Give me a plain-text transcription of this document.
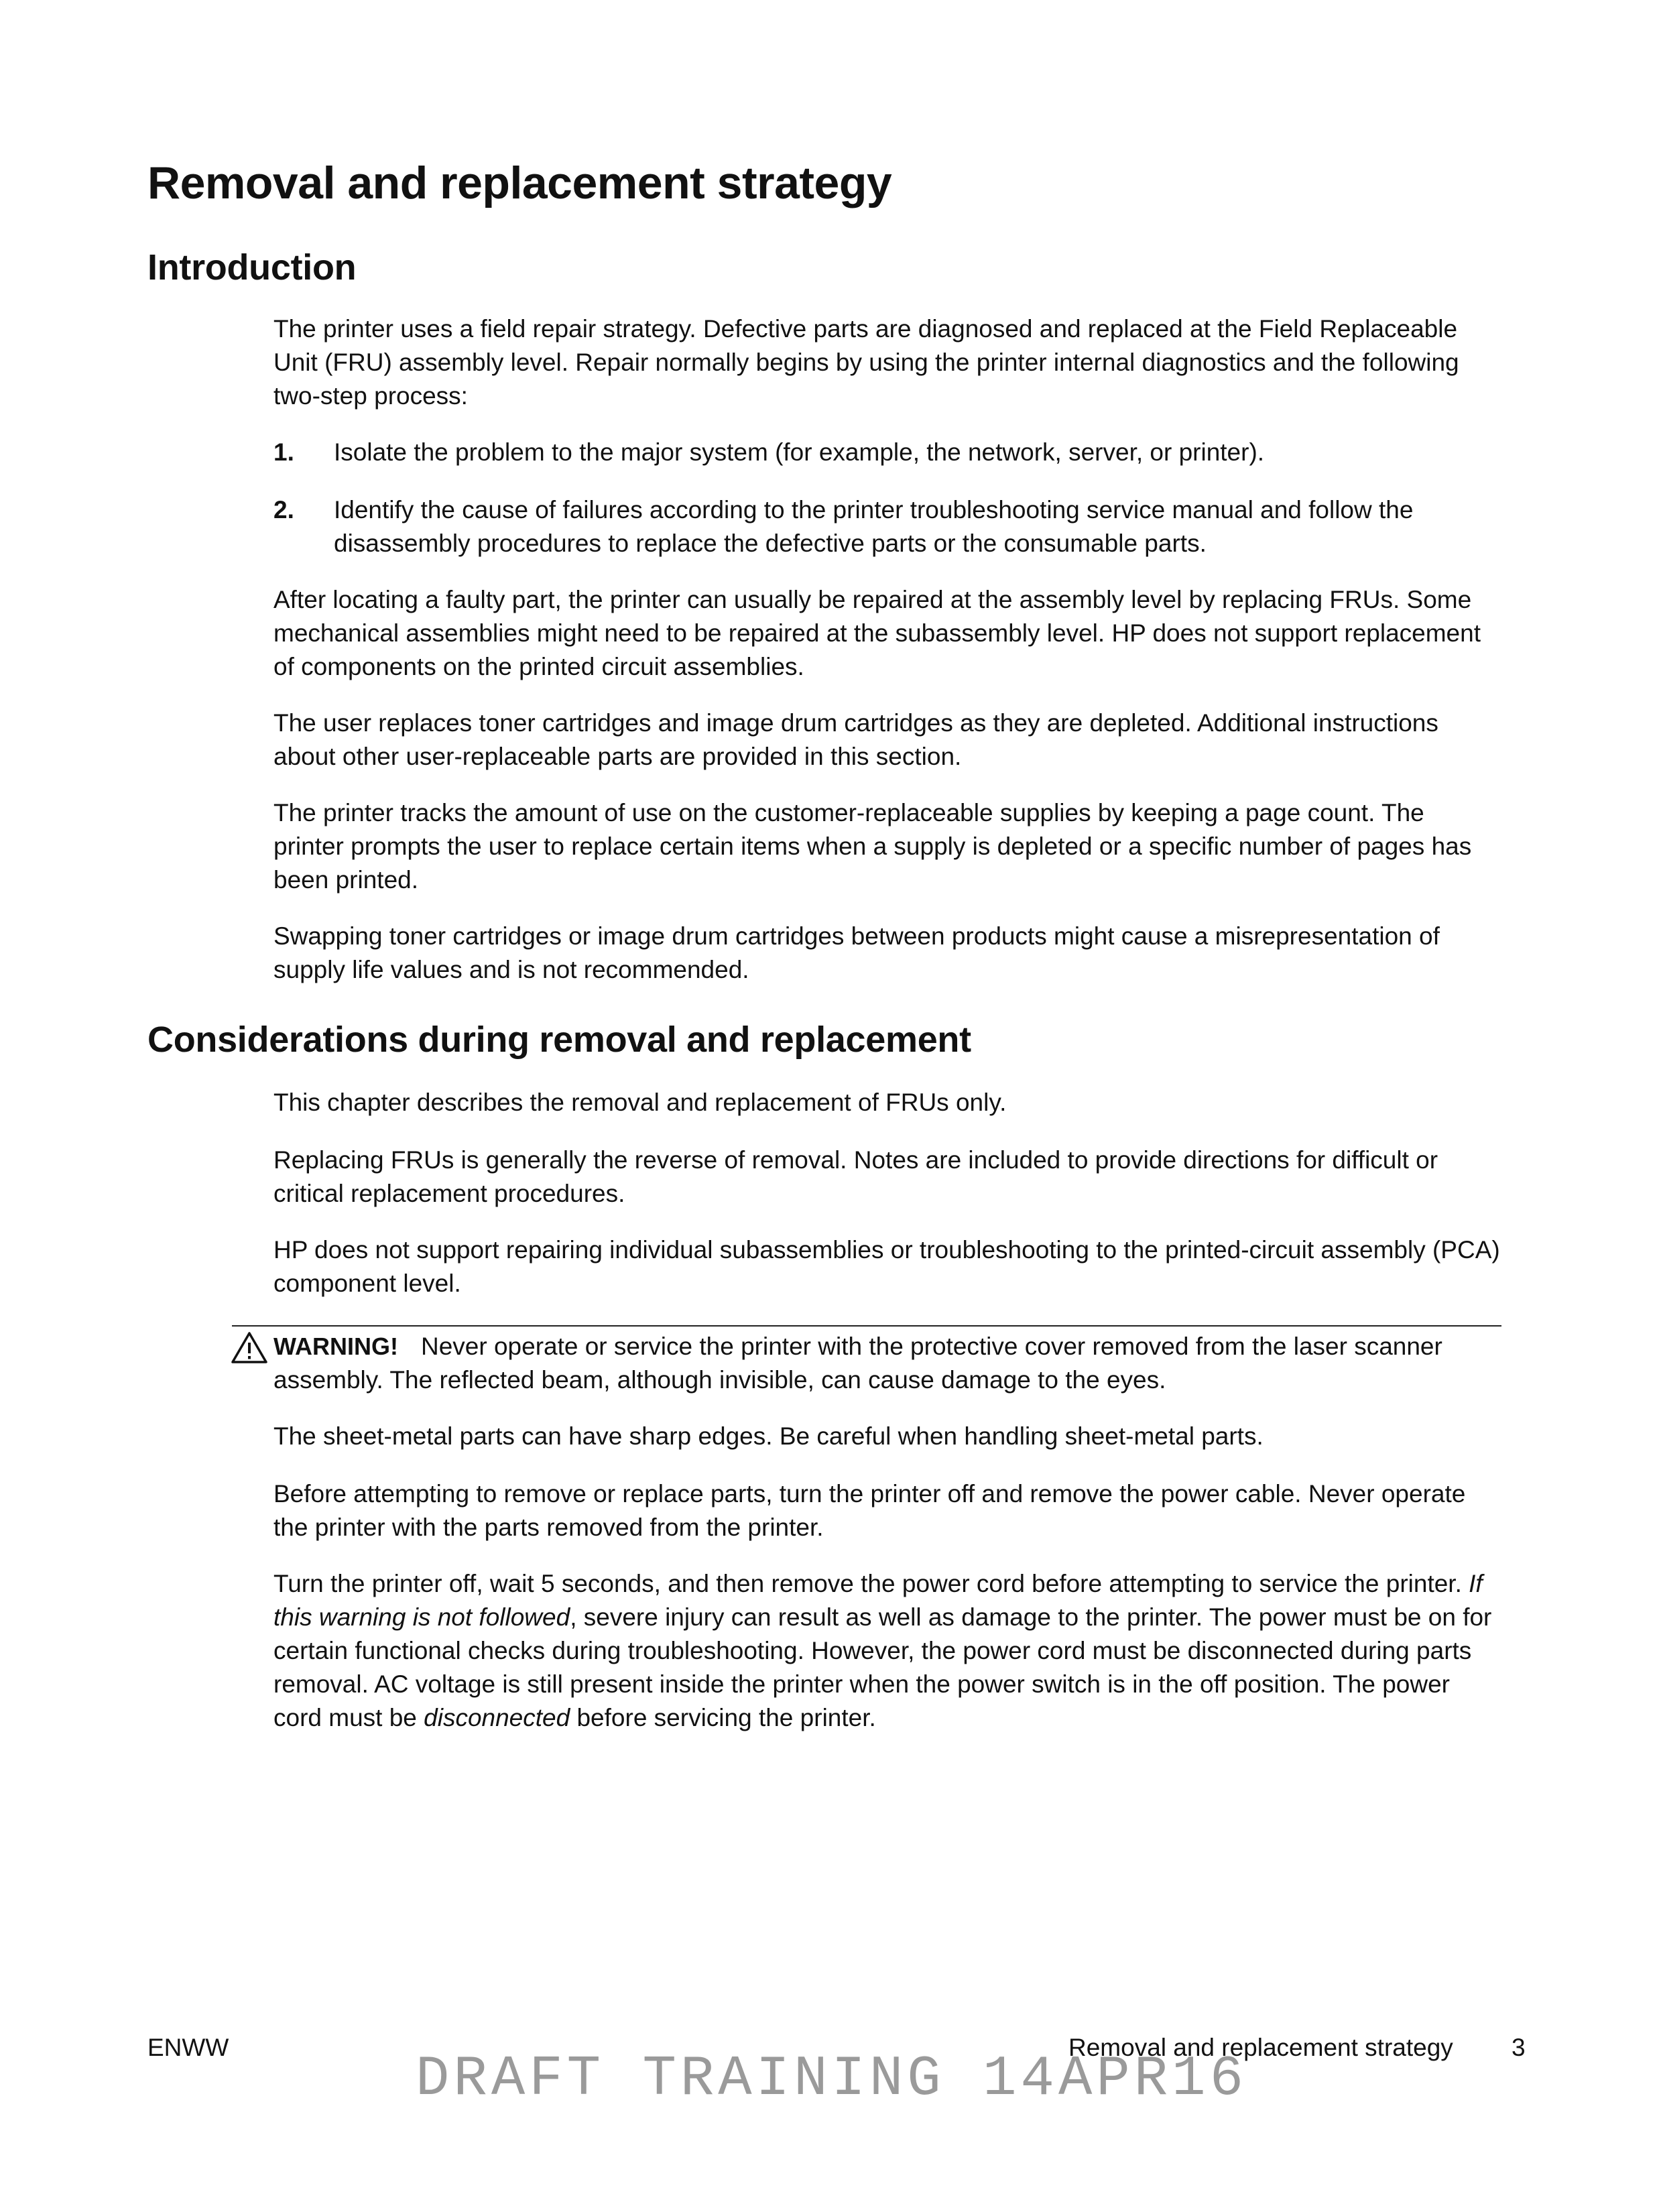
Removal and replacement strategy
Introduction

The printer uses a field repair strategy. Defective parts are diagnosed and replaced at the Field Replaceable Unit (FRU) assembly level. Repair normally begins by using the printer internal diagnostics and the following two-step process:

1. Isolate the problem to the major system (for example, the network, server, or printer).

2. Identify the cause of failures according to the printer troubleshooting service manual and follow the disassembly procedures to replace the defective parts or the consumable parts.

After locating a faulty part, the printer can usually be repaired at the assembly level by replacing FRUs. Some mechanical assemblies might need to be repaired at the subassembly level. HP does not support replacement of components on the printed circuit assemblies.

The user replaces toner cartridges and image drum cartridges as they are depleted. Additional instructions about other user-replaceable parts are provided in this section.

The printer tracks the amount of use on the customer-replaceable supplies by keeping a page count. The printer prompts the user to replace certain items when a supply is depleted or a specific number of pages has been printed.

Swapping toner cartridges or image drum cartridges between products might cause a misrepresentation of supply life values and is not recommended.

Considerations during removal and replacement

This chapter describes the removal and replacement of FRUs only.

Replacing FRUs is generally the reverse of removal. Notes are included to provide directions for difficult or critical replacement procedures.

HP does not support repairing individual subassemblies or troubleshooting to the printed-circuit assembly (PCA) component level.

WARNING! Never operate or service the printer with the protective cover removed from the laser scanner assembly. The reflected beam, although invisible, can cause damage to the eyes.

The sheet-metal parts can have sharp edges. Be careful when handling sheet-metal parts.

Before attempting to remove or replace parts, turn the printer off and remove the power cable. Never operate the printer with the parts removed from the printer.

Turn the printer off, wait 5 seconds, and then remove the power cord before attempting to service the printer. If this warning is not followed, severe injury can result as well as damage to the printer. The power must be on for certain functional checks during troubleshooting. However, the power cord must be disconnected during parts removal. AC voltage is still present inside the printer when the power switch is in the off position. The power cord must be disconnected before servicing the printer.

ENWW	Removal and replacement strategy 3
DRAFT TRAINING 14APR16
